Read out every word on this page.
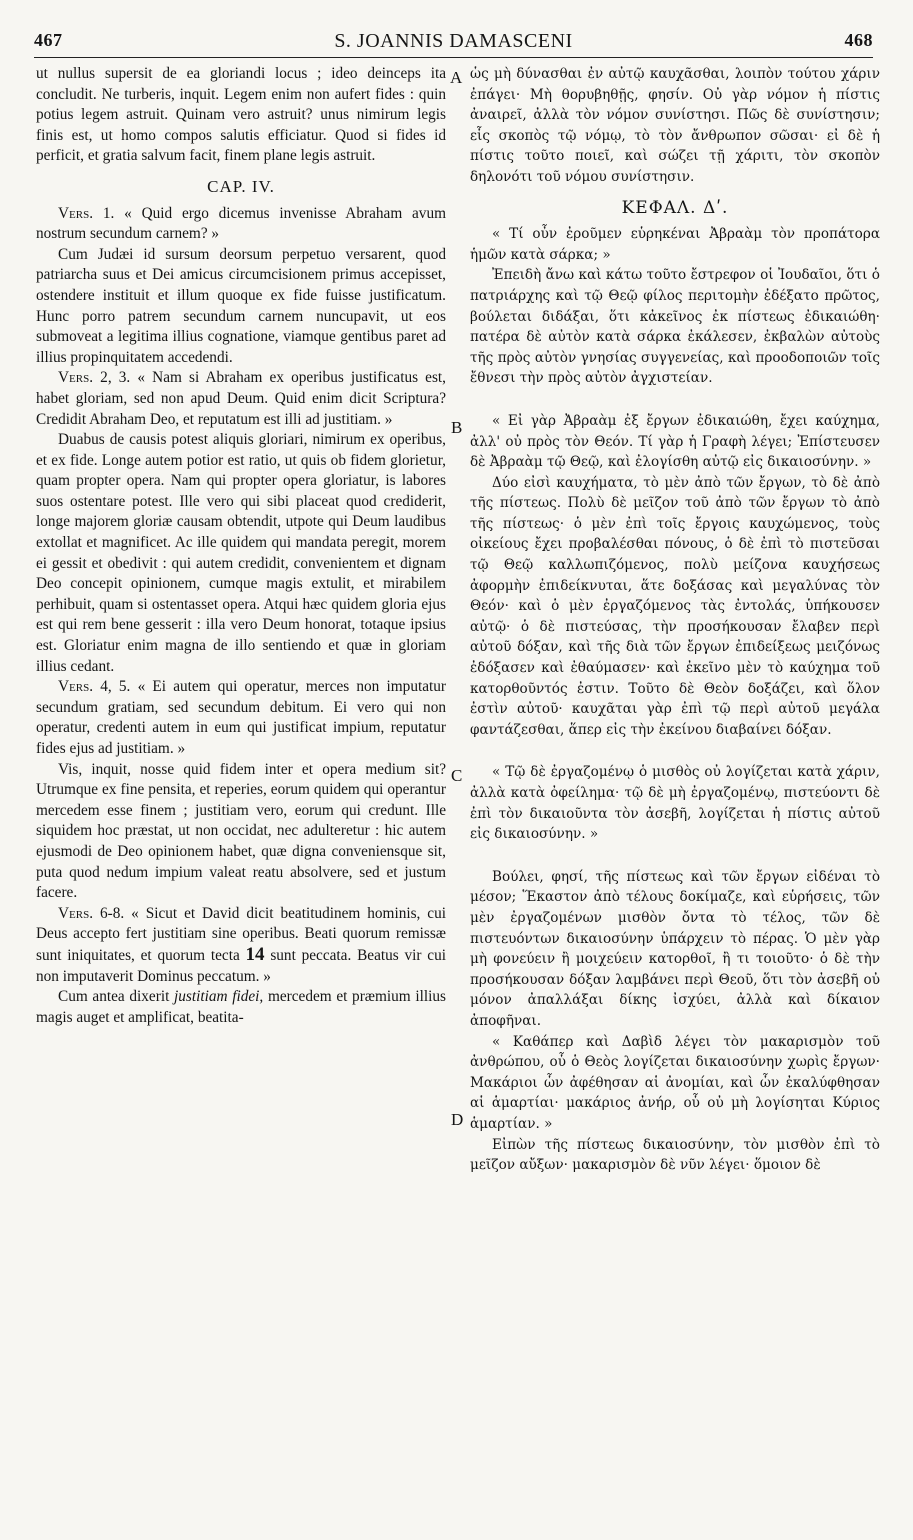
467	S. JOANNIS DAMASCENI	468
A
B
C
D

ut nullus supersit de ea gloriandi locus ; ideo deinceps ita concludit. Ne turberis, inquit. Legem enim non aufert fides : quin potius legem astruit. Quinam vero astruit? unus nimirum legis finis est, ut homo compos salutis efficiatur. Quod si fides id perficit, et gratia salvum facit, finem plane legis astruit.

CAP. IV.

Vers. 1. « Quid ergo dicemus invenisse Abraham avum nostrum secundum carnem? »

Cum Judæi id sursum deorsum perpetuo versarent, quod patriarcha suus et Dei amicus circumcisionem primus accepisset, ostendere instituit et illum quoque ex fide fuisse justificatum. Hunc porro patrem secundum carnem nuncupavit, ut eos submoveat a legitima illius cognatione, viamque gentibus paret ad illius propinquitatem accedendi.

Vers. 2, 3. « Nam si Abraham ex operibus justificatus est, habet gloriam, sed non apud Deum. Quid enim dicit Scriptura? Credidit Abraham Deo, et reputatum est illi ad justitiam. »

Duabus de causis potest aliquis gloriari, nimirum ex operibus, et ex fide. Longe autem potior est ratio, ut quis ob fidem glorietur, quam propter opera. Nam qui propter opera gloriatur, is labores suos ostentare potest. Ille vero qui sibi placeat quod crediderit, longe majorem gloriæ causam obtendit, utpote qui Deum laudibus extollat et magnificet. Ac ille quidem qui mandata peregit, morem ei gessit et obedivit : qui autem credidit, convenientem et dignam Deo concepit opinionem, cumque magis extulit, et mirabilem perhibuit, quam si ostentasset opera. Atqui hæc quidem gloria ejus est qui rem bene gesserit : illa vero Deum honorat, totaque ipsius est. Gloriatur enim magna de illo sentiendo et quæ in gloriam illius cedant.

Vers. 4, 5. « Ei autem qui operatur, merces non imputatur secundum gratiam, sed secundum debitum. Ei vero qui non operatur, credenti autem in eum qui justificat impium, reputatur fides ejus ad justitiam. »

Vis, inquit, nosse quid fidem inter et opera medium sit? Utrumque ex fine pensita, et reperies, eorum quidem qui operantur mercedem esse finem ; justitiam vero, eorum qui credunt. Ille siquidem hoc præstat, ut non occidat, nec adulteretur : hic autem ejusmodi de Deo opinionem habet, quæ digna conveniensque sit, puta quod nedum impium valeat reatu absolvere, sed et justum facere.

Vers. 6-8. « Sicut et David dicit beatitudinem hominis, cui Deus accepto fert justitiam sine operibus. Beati quorum remissæ sunt iniquitates, et quorum tecta 14 sunt peccata. Beatus vir cui non imputaverit Dominus peccatum. »

Cum antea dixerit justitiam fidei, mercedem et præmium illius magis auget et amplificat, beatita-

ὡς μὴ δύνασθαι ἐν αὐτῷ καυχᾶσθαι, λοιπὸν τούτου χάριν ἐπάγει· Μὴ θορυβηθῇς, φησίν. Οὐ γὰρ νόμον ἡ πίστις ἀναιρεῖ, ἀλλὰ τὸν νόμον συνίστησι. Πῶς δὲ συνίστησιν; εἷς σκοπὸς τῷ νόμῳ, τὸ τὸν ἄνθρωπον σῶσαι· εἰ δὲ ἡ πίστις τοῦτο ποιεῖ, καὶ σώζει τῇ χάριτι, τὸν σκοπὸν δηλονότι τοῦ νόμου συνίστησιν.

ΚΕΦΑΛ. Δʹ.

« Τί οὖν ἐροῦμεν εὑρηκέναι Ἀβραὰμ τὸν προπάτορα ἡμῶν κατὰ σάρκα; »

Ἐπειδὴ ἄνω καὶ κάτω τοῦτο ἔστρεφον οἱ Ἰουδαῖοι, ὅτι ὁ πατριάρχης καὶ τῷ Θεῷ φίλος περιτομὴν ἐδέξατο πρῶτος, βούλεται διδάξαι, ὅτι κἀκεῖνος ἐκ πίστεως ἐδικαιώθη· πατέρα δὲ αὐτὸν κατὰ σάρκα ἐκάλεσεν, ἐκβαλὼν αὐτοὺς τῆς πρὸς αὐτὸν γνησίας συγγενείας, καὶ προοδοποιῶν τοῖς ἔθνεσι τὴν πρὸς αὐτὸν ἀγχιστείαν.

« Εἰ γὰρ Ἀβραὰμ ἐξ ἔργων ἐδικαιώθη, ἔχει καύχημα, ἀλλ' οὐ πρὸς τὸν Θεόν. Τί γὰρ ἡ Γραφὴ λέγει; Ἐπίστευσεν δὲ Ἀβραὰμ τῷ Θεῷ, καὶ ἐλογίσθη αὐτῷ εἰς δικαιοσύνην. »

Δύο εἰσὶ καυχήματα, τὸ μὲν ἀπὸ τῶν ἔργων, τὸ δὲ ἀπὸ τῆς πίστεως. Πολὺ δὲ μεῖζον τοῦ ἀπὸ τῶν ἔργων τὸ ἀπὸ τῆς πίστεως· ὁ μὲν ἐπὶ τοῖς ἔργοις καυχώμενος, τοὺς οἰκείους ἔχει προβαλέσθαι πόνους, ὁ δὲ ἐπὶ τὸ πιστεῦσαι τῷ Θεῷ καλλωπιζόμενος, πολὺ μείζονα καυχήσεως ἀφορμὴν ἐπιδείκνυται, ἅτε δοξάσας καὶ μεγαλύνας τὸν Θεόν· καὶ ὁ μὲν ἐργαζόμενος τὰς ἐντολάς, ὑπήκουσεν αὐτῷ· ὁ δὲ πιστεύσας, τὴν προσήκουσαν ἔλαβεν περὶ αὐτοῦ δόξαν, καὶ τῆς διὰ τῶν ἔργων ἐπιδείξεως μειζόνως ἐδόξασεν καὶ ἐθαύμασεν· καὶ ἐκεῖνο μὲν τὸ καύχημα τοῦ κατορθοῦντός ἐστιν. Τοῦτο δὲ Θεὸν δοξάζει, καὶ ὅλον ἐστὶν αὐτοῦ· καυχᾶται γὰρ ἐπὶ τῷ περὶ αὐτοῦ μεγάλα φαντάζεσθαι, ἅπερ εἰς τὴν ἐκείνου διαβαίνει δόξαν.

« Τῷ δὲ ἐργαζομένῳ ὁ μισθὸς οὐ λογίζεται κατὰ χάριν, ἀλλὰ κατὰ ὀφείλημα· τῷ δὲ μὴ ἐργαζομένῳ, πιστεύοντι δὲ ἐπὶ τὸν δικαιοῦντα τὸν ἀσεβῆ, λογίζεται ἡ πίστις αὐτοῦ εἰς δικαιοσύνην. »

Βούλει, φησί, τῆς πίστεως καὶ τῶν ἔργων εἰδέναι τὸ μέσον; Ἕκαστον ἀπὸ τέλους δοκίμαζε, καὶ εὑρήσεις, τῶν μὲν ἐργαζομένων μισθὸν ὄντα τὸ τέλος, τῶν δὲ πιστευόντων δικαιοσύνην ὑπάρχειν τὸ πέρας. Ὁ μὲν γὰρ μὴ φονεύειν ἢ μοιχεύειν κατορθοῖ, ἢ τι τοιοῦτο· ὁ δὲ τὴν προσήκουσαν δόξαν λαμβάνει περὶ Θεοῦ, ὅτι τὸν ἀσεβῆ οὐ μόνον ἀπαλλάξαι δίκης ἰσχύει, ἀλλὰ καὶ δίκαιον ἀποφῆναι.

« Καθάπερ καὶ Δαβὶδ λέγει τὸν μακαρισμὸν τοῦ ἀνθρώπου, οὗ ὁ Θεὸς λογίζεται δικαιοσύνην χωρὶς ἔργων· Μακάριοι ὧν ἀφέθησαν αἱ ἀνομίαι, καὶ ὧν ἐκαλύφθησαν αἱ ἁμαρτίαι· μακάριος ἀνήρ, οὗ οὐ μὴ λογίσηται Κύριος ἁμαρτίαν. »

Εἰπὼν τῆς πίστεως δικαιοσύνην, τὸν μισθὸν ἐπὶ τὸ μεῖζον αὔξων· μακαρισμὸν δὲ νῦν λέγει· ὅμοιον δὲ
